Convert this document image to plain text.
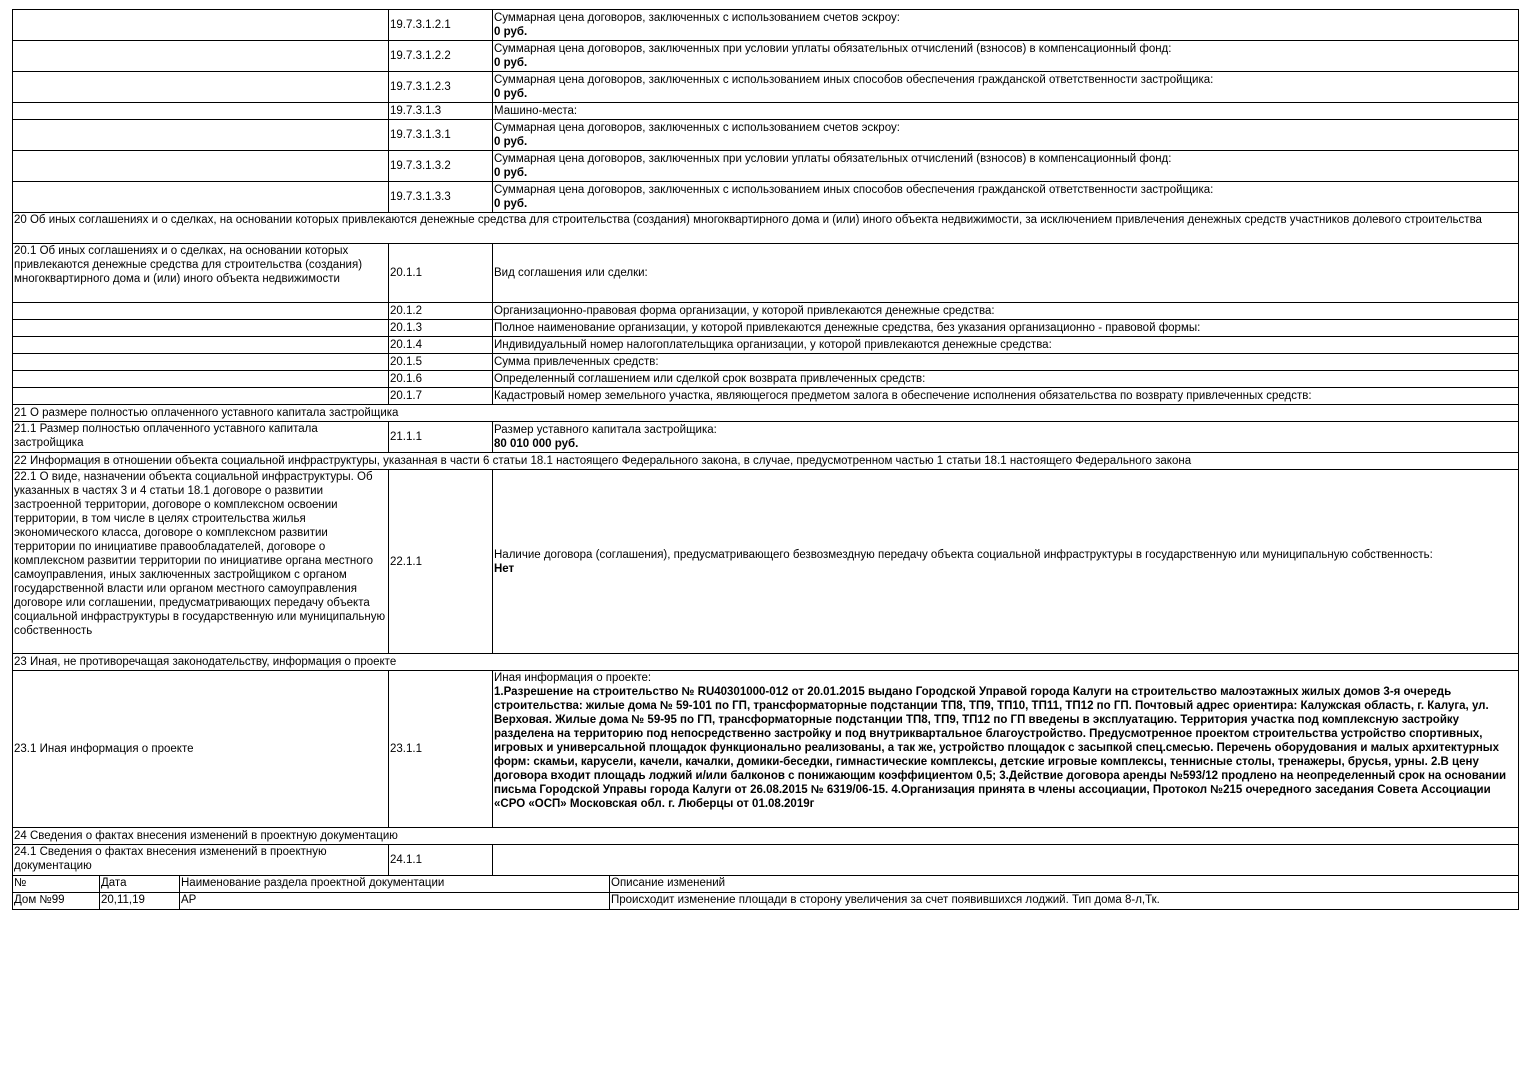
	19.7.3.1.2.1	Суммарная цена договоров, заключенных с использованием счетов эскроу:
0 руб.

	19.7.3.1.2.2	Суммарная цена договоров, заключенных при условии уплаты обязательных отчислений (взносов) в компенсационный фонд:
0 руб.

	19.7.3.1.2.3	Суммарная цена договоров, заключенных с использованием иных способов обеспечения гражданской ответственности застройщика:
0 руб.

	19.7.3.1.3	Машино-места:

	19.7.3.1.3.1	Суммарная цена договоров, заключенных с использованием счетов эскроу:
0 руб.

	19.7.3.1.3.2	Суммарная цена договоров, заключенных при условии уплаты обязательных отчислений (взносов) в компенсационный фонд:
0 руб.

	19.7.3.1.3.3	Суммарная цена договоров, заключенных с использованием иных способов обеспечения гражданской ответственности застройщика:
0 руб.

20 Об иных соглашениях и о сделках, на основании которых привлекаются денежные средства для строительства (создания) многоквартирного дома и (или) иного объекта недвижимости, за исключением привлечения денежных средств участников долевого строительства		
20.1 Об иных соглашениях и о сделках, на основании которых привлекаются денежные средства для строительства (создания) многоквартирного дома и (или) иного объекта недвижимости	20.1.1	Вид соглашения или сделки:
	20.1.2	Организационно-правовая форма организации, у которой привлекаются денежные средства:
	20.1.3	Полное наименование организации, у которой привлекаются денежные средства, без указания организационно - правовой формы:
	20.1.4	Индивидуальный номер налогоплательщика организации, у которой привлекаются денежные средства:
	20.1.5	Сумма привлеченных средств:
	20.1.6	Определенный соглашением или сделкой срок возврата привлеченных средств:
	20.1.7	Кадастровый номер земельного участка, являющегося предметом залога в обеспечение исполнения обязательства по возврату привлеченных средств:
21 О размере полностью оплаченного уставного капитала застройщика		
21.1 Размер полностью оплаченного уставного капитала застройщика	21.1.1	Размер уставного капитала застройщика:
80 010 000 руб.

22 Информация в отношении объекта социальной инфраструктуры, указанная в части 6 статьи 18.1 настоящего Федерального закона, в случае, предусмотренном частью 1 статьи 18.1 настоящего Федерального закона		
22.1 О виде, назначении объекта социальной инфраструктуры. Об указанных в частях 3 и 4 статьи 18.1 договоре о развитии застроенной территории, договоре о комплексном освоении территории, в том числе в целях строительства жилья экономического класса, договоре о комплексном развитии территории по инициативе правообладателей, договоре о комплексном развитии территории по инициативе органа местного самоуправления, иных заключенных застройщиком с органом государственной власти или органом местного самоуправления договоре или соглашении, предусматривающих передачу объекта социальной инфраструктуры в государственную или муниципальную собственность	22.1.1	Наличие договора (соглашения), предусматривающего безвозмездную передачу объекта социальной инфраструктуры в государственную или муниципальную собственность:
Нет

23 Иная, не противоречащая законодательству, информация о проекте		
23.1 Иная информация о проекте	23.1.1	Иная информация о проекте:
1.Разрешение на строительство № RU40301000-012 от 20.01.2015 выдано Городской Управой города Калуги на строительство малоэтажных жилых домов 3-я очередь строительства: жилые дома № 59-101 по ГП, трансформаторные подстанции ТП8, ТП9, ТП10, ТП11, ТП12 по ГП. Почтовый адрес ориентира: Калужская область, г. Калуга, ул. Верховая. Жилые дома № 59-95 по ГП, трансформаторные подстанции ТП8, ТП9, ТП12 по ГП введены в эксплуатацию. Территория участка под комплексную застройку разделена на территорию под непосредственно застройку и под внутриквартальное благоустройство. Предусмотренное проектом строительства устройство спортивных, игровых и универсальной площадок функционально реализованы, а так же, устройство площадок с засыпкой спец.смесью. Перечень оборудования и малых архитектурных форм: скамьи, карусели, качели, качалки, домики-беседки, гимнастические комплексы, детские игровые комплексы, теннисные столы, тренажеры, брусья, урны. 2.В цену договора входит площадь лоджий и/или балконов с понижающим коэффициентом 0,5; 3.Действие договора аренды №593/12 продлено на неопределенный срок на основании письма Городской Управы города Калуги от 26.08.2015 № 6319/06-15. 4.Организация принята в члены ассоциации, Протокол №215 очередного заседания Совета Ассоциации «СРО «ОСП» Московская обл. г. Люберцы от 01.08.2019г

24 Сведения о фактах внесения изменений в проектную документацию		
24.1 Сведения о фактах внесения изменений в проектную документацию	24.1.1	
№	Дата	Наименование раздела проектной документации	Описание изменений
Дом №99	20,11,19	АР	Происходит изменение площади в сторону увеличения за счет появившихся лоджий. Тип дома 8-л,Тк.
